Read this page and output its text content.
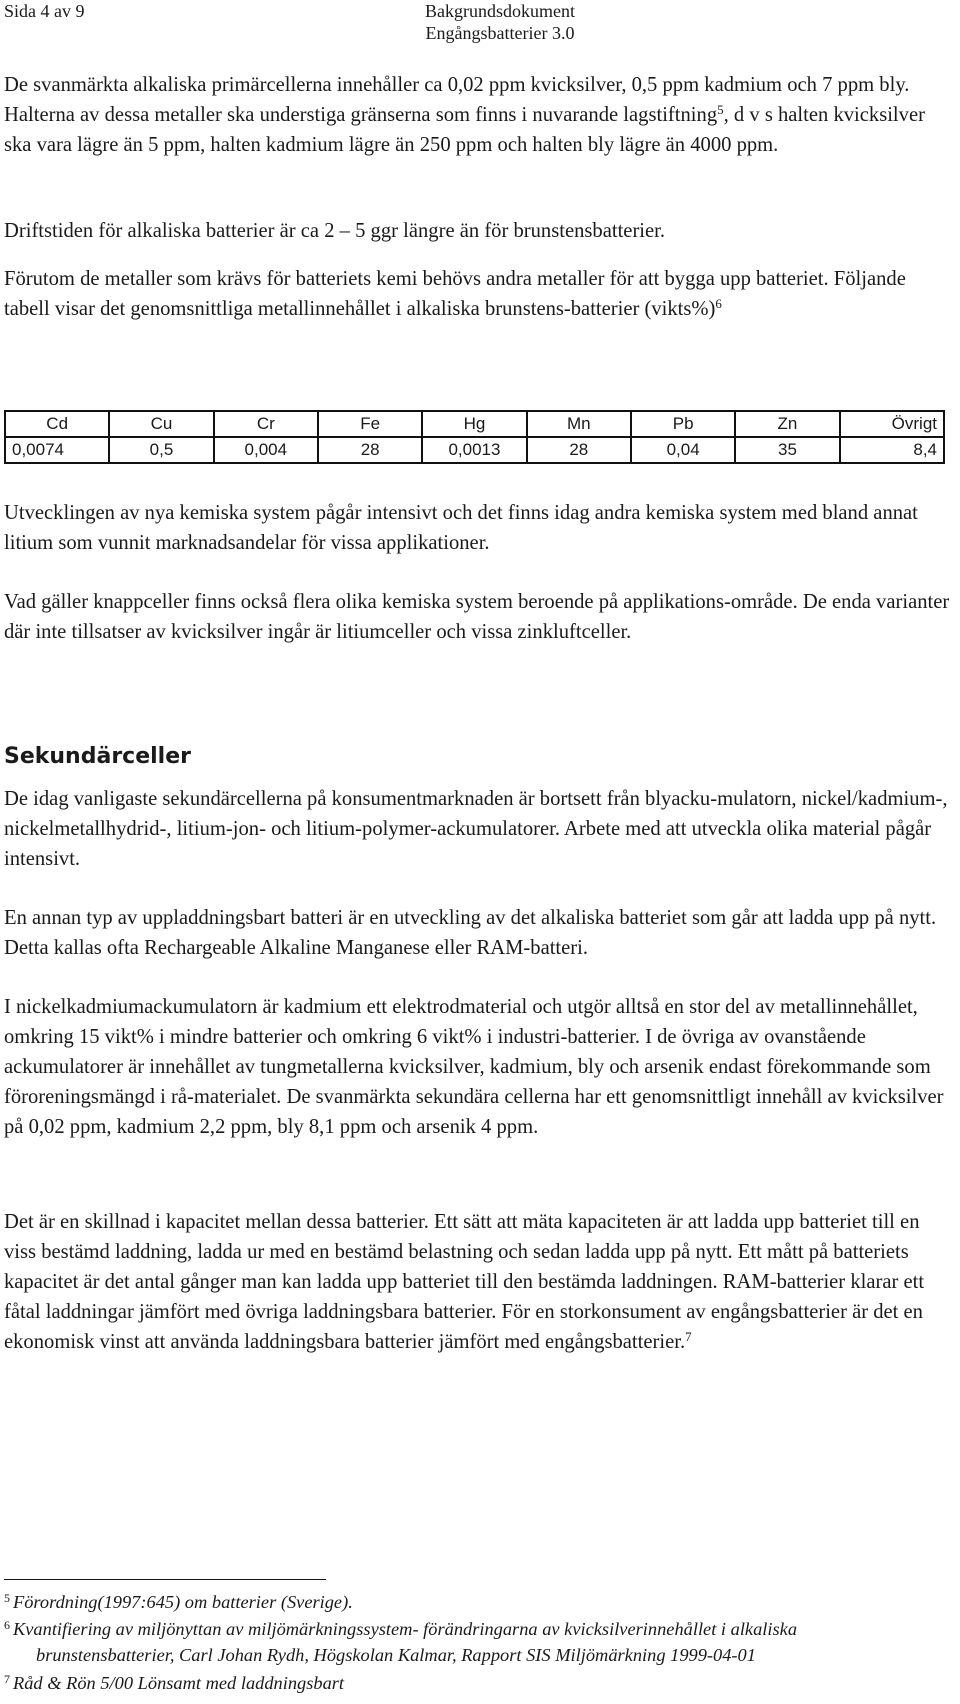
Sida 4 av 9	Bakgrundsdokument
Engångsbatterier 3.0

De svanmärkta alkaliska primärcellerna innehåller ca 0,02 ppm kvicksilver, 0,5 ppm kadmium och 7 ppm bly. Halterna av dessa metaller ska understiga gränserna som finns i nuvarande lagstiftning$^5$, d v s halten kvicksilver ska vara lägre än 5 ppm, halten kadmium lägre än 250 ppm och halten bly lägre än 4000 ppm.

Driftstiden för alkaliska batterier är ca 2 – 5 ggr längre än för brunstensbatterier.

Förutom de metaller som krävs för batteriets kemi behövs andra metaller för att bygga upp batteriet. Följande tabell visar det genomsnittliga metallinnehållet i alkaliska brunstens-batterier (vikts%)$^6$

Cd	Cu	Cr	Fe	Hg	Mn	Pb	Zn	Övrigt
0,0074	0,5	0,004	28	0,0013	28	0,04	35	8,4

Utvecklingen av nya kemiska system pågår intensivt och det finns idag andra kemiska system med bland annat litium som vunnit marknadsandelar för vissa applikationer.

Vad gäller knappceller finns också flera olika kemiska system beroende på applikations-område. De enda varianter där inte tillsatser av kvicksilver ingår är litiumceller och vissa zinkluftceller.

Sekundärceller

De idag vanligaste sekundärcellerna på konsumentmarknaden är bortsett från blyacku-mulatorn, nickel/kadmium-, nickelmetallhydrid-, litium-jon- och litium-polymer-ackumulatorer. Arbete med att utveckla olika material pågår intensivt.

En annan typ av uppladdningsbart batteri är en utveckling av det alkaliska batteriet som går att ladda upp på nytt. Detta kallas ofta Rechargeable Alkaline Manganese eller RAM-batteri.

I nickelkadmiumackumulatorn är kadmium ett elektrodmaterial och utgör alltså en stor del av metallinnehållet, omkring 15 vikt% i mindre batterier och omkring 6 vikt% i industri-batterier. I de övriga av ovanstående ackumulatorer är innehållet av tungmetallerna kvicksilver, kadmium, bly och arsenik endast förekommande som föroreningsmängd i rå-materialet. De svanmärkta sekundära cellerna har ett genomsnittligt innehåll av kvicksilver på 0,02 ppm, kadmium 2,2 ppm, bly 8,1 ppm och arsenik 4 ppm.

Det är en skillnad i kapacitet mellan dessa batterier. Ett sätt att mäta kapaciteten är att ladda upp batteriet till en viss bestämd laddning, ladda ur med en bestämd belastning och sedan ladda upp på nytt. Ett mått på batteriets kapacitet är det antal gånger man kan ladda upp batteriet till den bestämda laddningen. RAM-batterier klarar ett fåtal laddningar jämfört med övriga laddningsbara batterier. För en storkonsument av engångsbatterier är det en ekonomisk vinst att använda laddningsbara batterier jämfört med engångsbatterier.$^7$

$^5$ Förordning(1997:645) om batterier (Sverige).

$^6$ Kvantifiering av miljönyttan av miljömärkningssystem- förändringarna av kvicksilverinnehållet i alkaliska
brunstensbatterier, Carl Johan Rydh, Högskolan Kalmar, Rapport SIS Miljömärkning 1999-04-01

$^7$ Råd & Rön 5/00 Lönsamt med laddningsbart
